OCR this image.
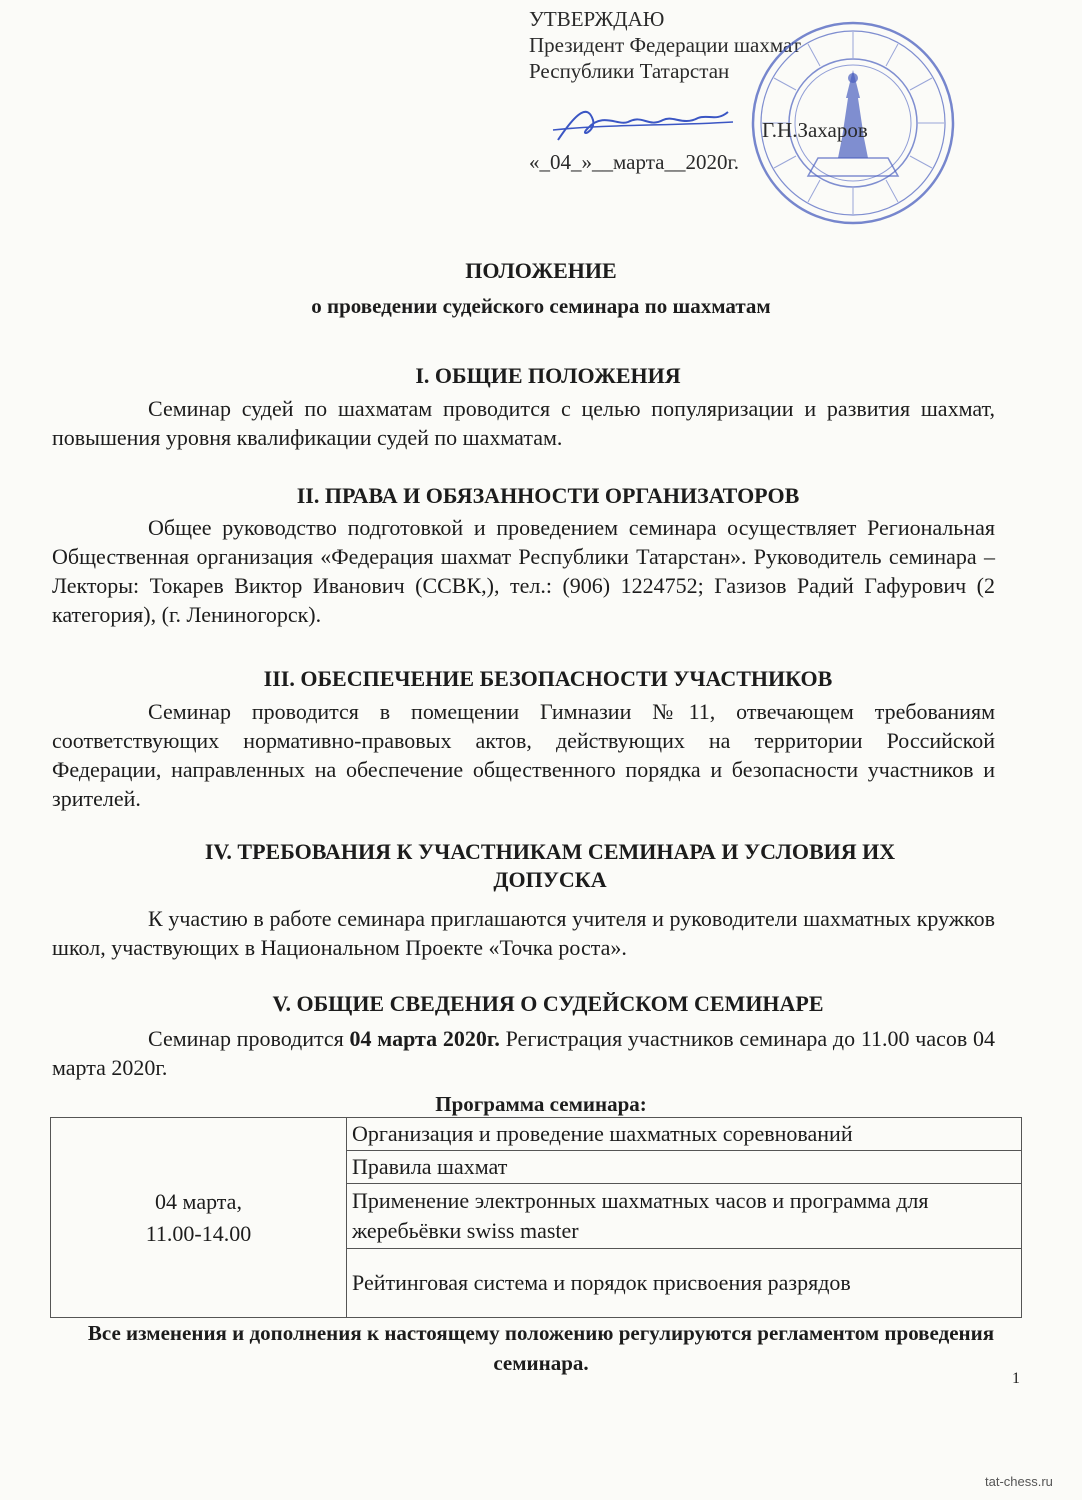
УТВЕРЖДАЮ
Президент Федерации шахмат
Республики Татарстан
Г.Н.Захаров
«_04_»__марта__2020г.
ПОЛОЖЕНИЕ
о проведении судейского семинара по шахматам
I. ОБЩИЕ ПОЛОЖЕНИЯ
Семинар судей по шахматам проводится с целью популяризации и развития шахмат, повышения уровня квалификации судей по шахматам.
II. ПРАВА И ОБЯЗАННОСТИ ОРГАНИЗАТОРОВ
Общее руководство подготовкой и проведением семинара осуществляет Региональная Общественная организация «Федерация шахмат Республики Татарстан». Руководитель семинара – Лекторы: Токарев Виктор Иванович (ССВК,), тел.: (906) 1224752; Газизов Радий Гафурович (2 категория), (г. Лениногорск).
III. ОБЕСПЕЧЕНИЕ БЕЗОПАСНОСТИ УЧАСТНИКОВ
Семинар проводится в помещении Гимназии №11, отвечающем требованиям соответствующих нормативно-правовых актов, действующих на территории Российской Федерации, направленных на обеспечение общественного порядка и безопасности участников и зрителей.
IV. ТРЕБОВАНИЯ К УЧАСТНИКАМ СЕМИНАРА И УСЛОВИЯ ИХ ДОПУСКА
К участию в работе семинара приглашаются учителя и руководители шахматных кружков школ, участвующих в Национальном Проекте «Точка роста».
V. ОБЩИЕ СВЕДЕНИЯ О СУДЕЙСКОМ СЕМИНАРЕ
Семинар проводится 04 марта 2020г. Регистрация участников семинара до 11.00 часов 04 марта 2020г.
Программа семинара:
04 марта,
11.00-14.00
	Организация и проведение шахматных соревнований
Правила шахмат
Применение электронных шахматных часов и программа для жеребьёвки swiss master
Рейтинговая система и порядок присвоения разрядов
Все изменения и дополнения к настоящему положению регулируются регламентом проведения семинара.
1
tat-chess.ru
